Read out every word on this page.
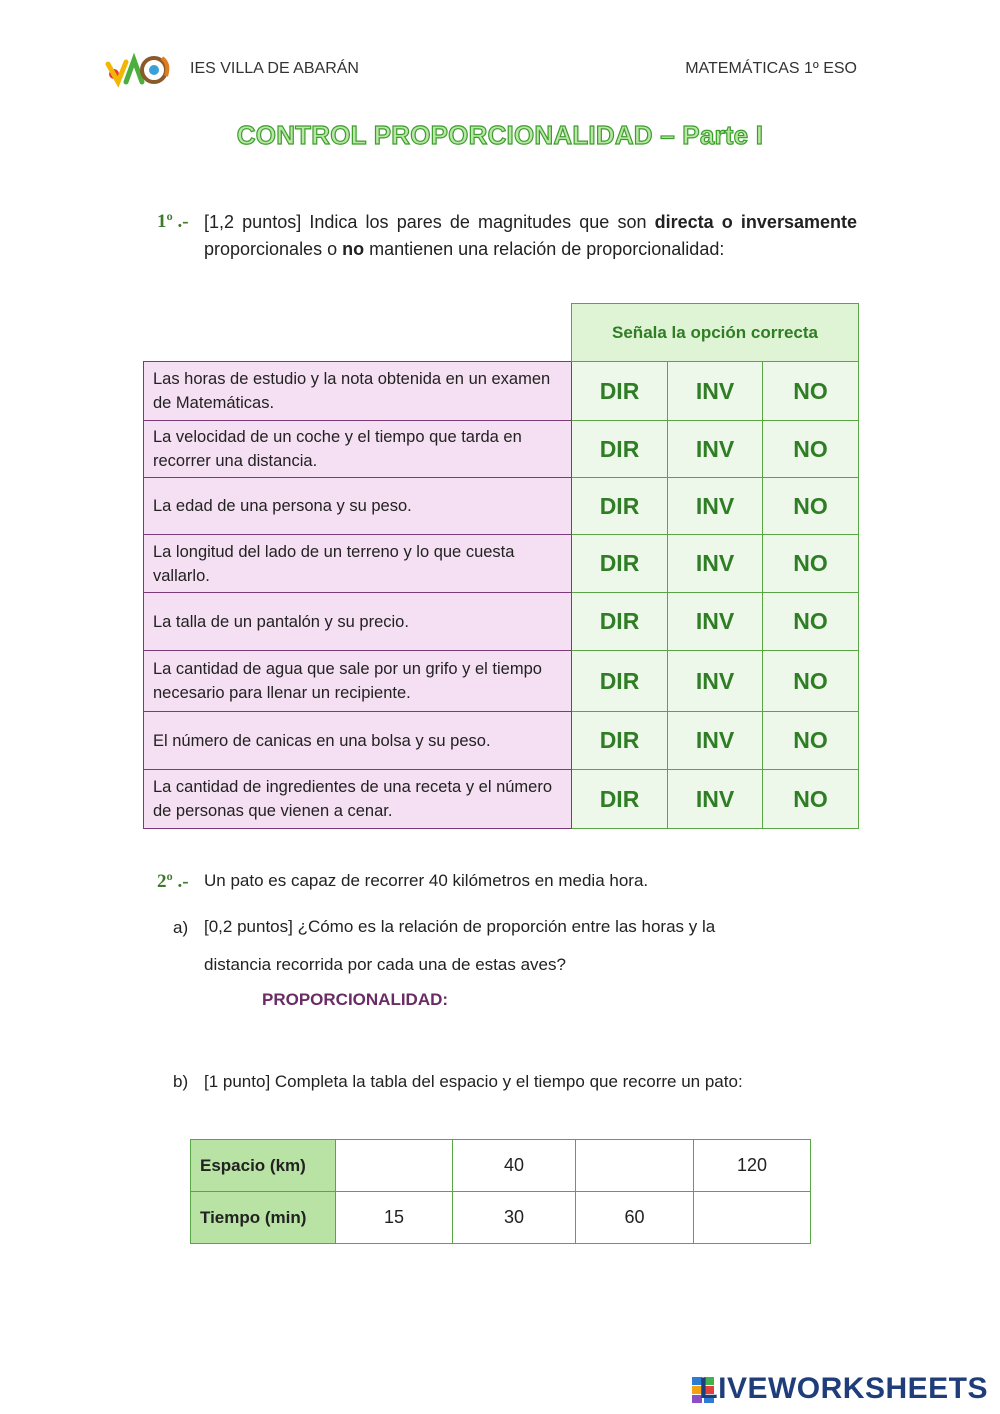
IES VILLA DE ABARÁN	MATEMÁTICAS 1º ESO
CONTROL PROPORCIONALIDAD – Parte I
1º .- [1,2 puntos] Indica los pares de magnitudes que son directa o inversamente proporcionales o no mantienen una relación de proporcionalidad:
	Señala la opción correcta		
Las horas de estudio y la nota obtenida en un examen de Matemáticas.	DIR	INV	NO
La velocidad de un coche y el tiempo que tarda en recorrer una distancia.	DIR	INV	NO
La edad de una persona y su peso.	DIR	INV	NO
La longitud del lado de un terreno y lo que cuesta vallarlo.	DIR	INV	NO
La talla de un pantalón y su precio.	DIR	INV	NO
La cantidad de agua que sale por un grifo y el tiempo necesario para llenar un recipiente.	DIR	INV	NO
El número de canicas en una bolsa y su peso.	DIR	INV	NO
La cantidad de ingredientes de una receta y el número de personas que vienen a cenar.	DIR	INV	NO
2º .- Un pato es capaz de recorrer 40 kilómetros en media hora.
a) [0,2 puntos] ¿Cómo es la relación de proporción entre las horas y la
distancia recorrida por cada una de estas aves?
PROPORCIONALIDAD:
b) [1 punto] Completa la tabla del espacio y el tiempo que recorre un pato:
Espacio (km)		40		120
Tiempo (min)	15	30	60	
LIVEWORKSHEETS
